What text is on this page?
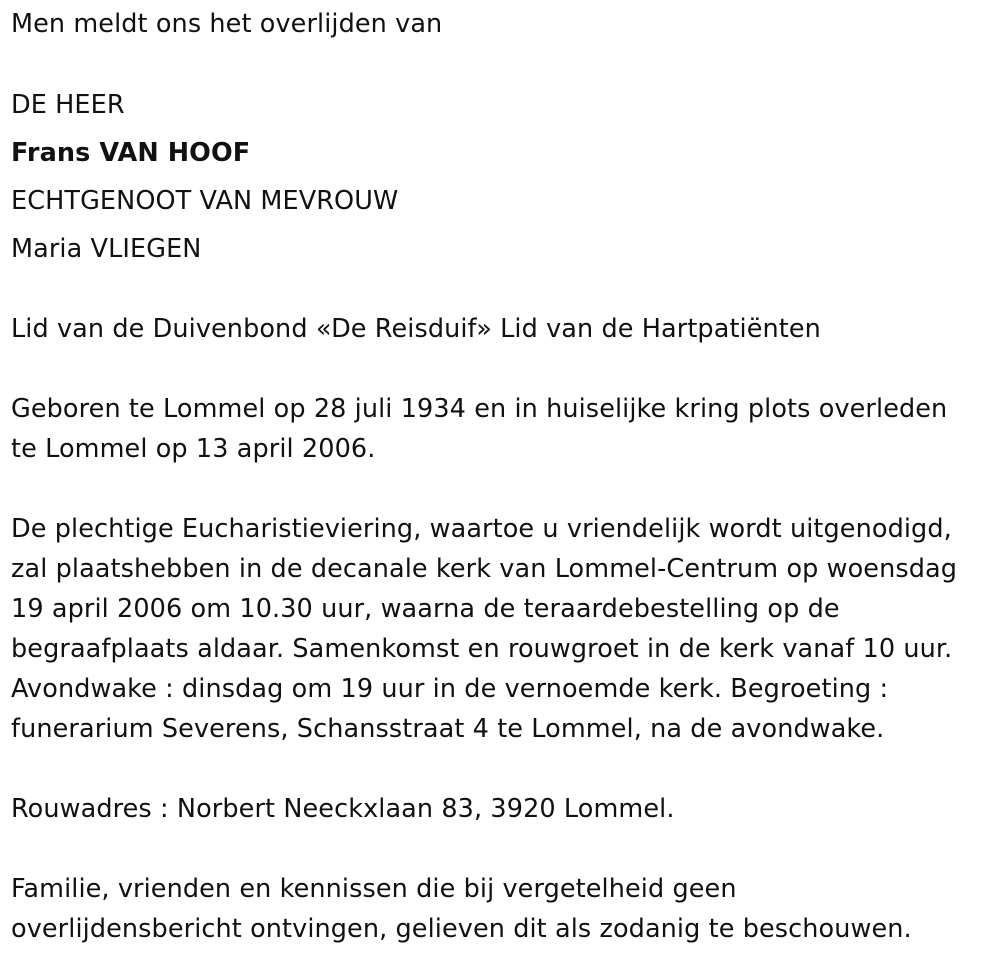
Men meldt ons het overlijden van
DE HEER
Frans VAN HOOF
ECHTGENOOT VAN MEVROUW
Maria VLIEGEN
Lid van de Duivenbond «De Reisduif» Lid van de Hartpatiënten
Geboren te Lommel op 28 juli 1934 en in huiselijke kring plots overleden
te Lommel op 13 april 2006.
De plechtige Eucharistieviering, waartoe u vriendelijk wordt uitgenodigd,
zal plaatshebben in de decanale kerk van Lommel-Centrum op woensdag
19 april 2006 om 10.30 uur, waarna de teraardebestelling op de
begraafplaats aldaar. Samenkomst en rouwgroet in de kerk vanaf 10 uur.
Avondwake : dinsdag om 19 uur in de vernoemde kerk. Begroeting :
funerarium Severens, Schansstraat 4 te Lommel, na de avondwake.
Rouwadres : Norbert Neeckxlaan 83, 3920 Lommel.
Familie, vrienden en kennissen die bij vergetelheid geen
overlijdensbericht ontvingen, gelieven dit als zodanig te beschouwen.
